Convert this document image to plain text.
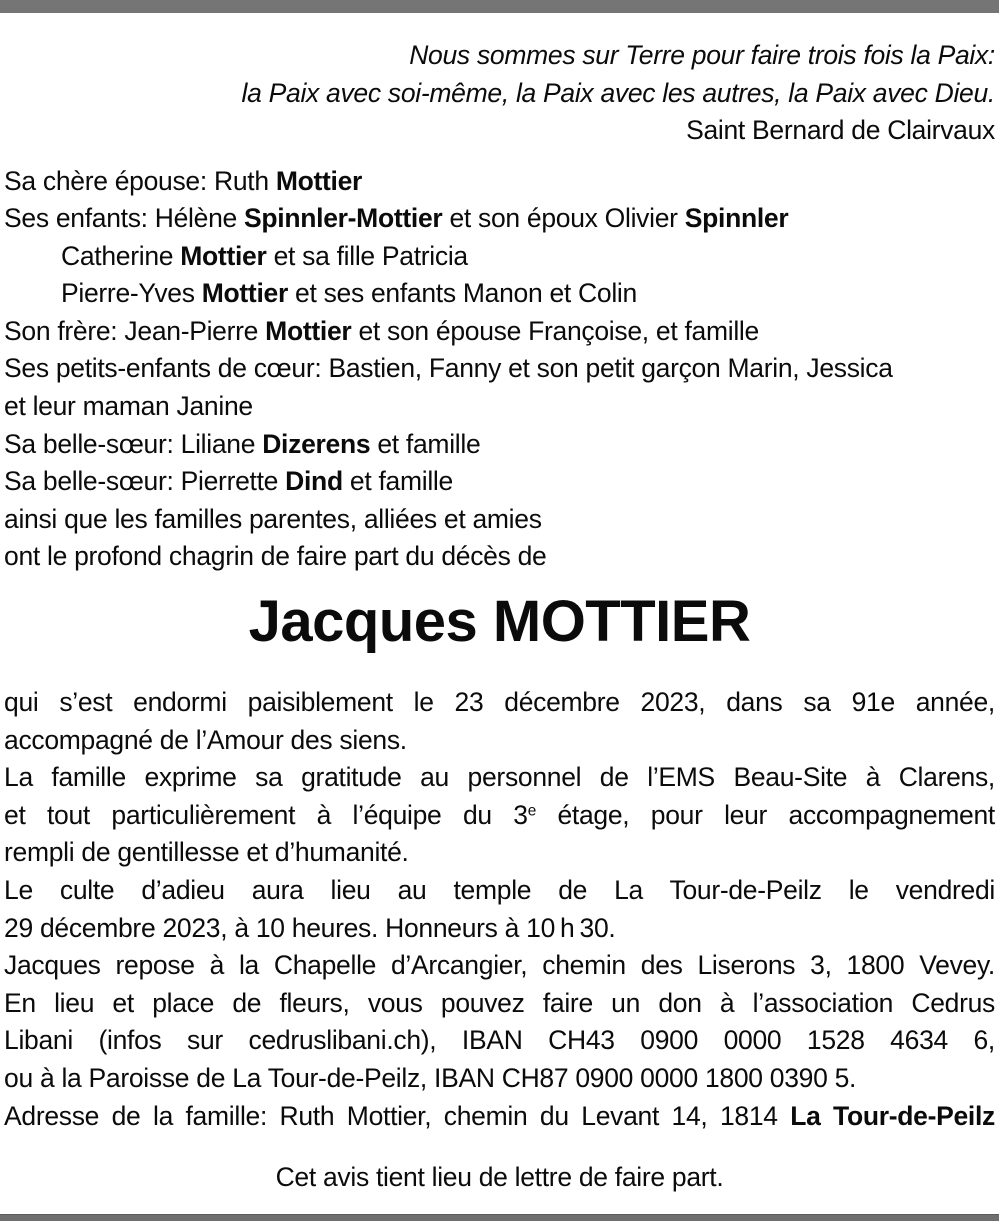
Nous sommes sur Terre pour faire trois fois la Paix:
la Paix avec soi-même, la Paix avec les autres, la Paix avec Dieu.
Saint Bernard de Clairvaux
Sa chère épouse: Ruth Mottier
Ses enfants: Hélène Spinnler-Mottier et son époux Olivier Spinnler
Catherine Mottier et sa fille Patricia
Pierre-Yves Mottier et ses enfants Manon et Colin
Son frère: Jean-Pierre Mottier et son épouse Françoise, et famille
Ses petits-enfants de cœur: Bastien, Fanny et son petit garçon Marin, Jessica
et leur maman Janine
Sa belle-sœur: Liliane Dizerens et famille
Sa belle-sœur: Pierrette Dind et famille
ainsi que les familles parentes, alliées et amies
ont le profond chagrin de faire part du décès de
Jacques MOTTIER
qui s’est endormi paisiblement le 23 décembre 2023, dans sa 91e année,
accompagné de l’Amour des siens.
La famille exprime sa gratitude au personnel de l’EMS Beau-Site à Clarens,
et tout particulièrement à l’équipe du 3e étage, pour leur accompagnement
rempli de gentillesse et d’humanité.
Le culte d’adieu aura lieu au temple de La Tour-de-Peilz le vendredi
29 décembre 2023, à 10 heures. Honneurs à 10 h 30.
Jacques repose à la Chapelle d’Arcangier, chemin des Liserons 3, 1800 Vevey.
En lieu et place de fleurs, vous pouvez faire un don à l’association Cedrus
Libani (infos sur cedruslibani.ch), IBAN CH43 0900 0000 1528 4634 6,
ou à la Paroisse de La Tour-de-Peilz, IBAN CH87 0900 0000 1800 0390 5.
Adresse de la famille: Ruth Mottier, chemin du Levant 14, 1814 La Tour-de-Peilz
Cet avis tient lieu de lettre de faire part.
